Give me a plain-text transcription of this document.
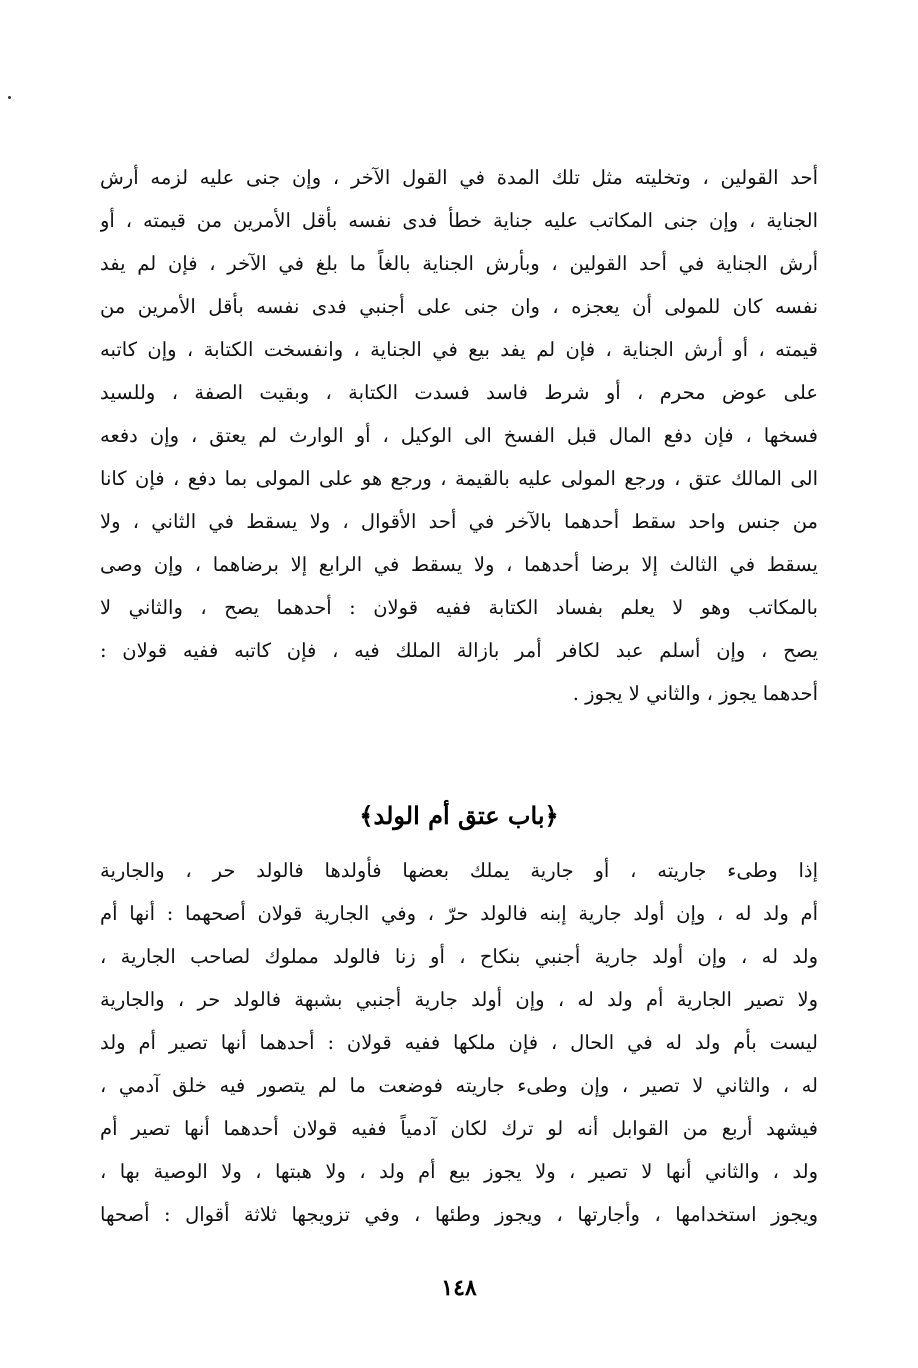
أحد القولين ، وتخليته مثل تلك المدة في القول الآخر ، وإن جنى عليه لزمه أرش
الجناية ، وإن جنى المكاتب عليه جناية خطأ فدى نفسه بأقل الأمرين من قيمته ، أو
أرش الجناية في أحد القولين ، وبأرش الجناية بالغاً ما بلغ في الآخر ، فإن لم يفد
نفسه كان للمولى أن يعجزه ، وان جنى على أجنبي فدى نفسه بأقل الأمرين من
قيمته ، أو أرش الجناية ، فإن لم يفد بيع في الجناية ، وانفسخت الكتابة ، وإن كاتبه
على عوض محرم ، أو شرط فاسد فسدت الكتابة ، وبقيت الصفة ، وللسيد
فسخها ، فإن دفع المال قبل الفسخ الى الوكيل ، أو الوارث لم يعتق ، وإن دفعه
الى المالك عتق ، ورجع المولى عليه بالقيمة ، ورجع هو على المولى بما دفع ، فإن كانا
من جنس واحد سقط أحدهما بالآخر في أحد الأقوال ، ولا يسقط في الثاني ، ولا
يسقط في الثالث إلا برضا أحدهما ، ولا يسقط في الرابع إلا برضاهما ، وإن وصى
بالمكاتب وهو لا يعلم بفساد الكتابة ففيه قولان : أحدهما يصح ، والثاني لا
يصح ، وإن أسلم عبد لكافر أمر بازالة الملك فيه ، فإن كاتبه ففيه قولان :
أحدهما يجوز ، والثاني لا يجوز .
﴿باب عتق أم الولد﴾
إذا وطىء جاريته ، أو جارية يملك بعضها فأولدها فالولد حر ، والجارية
أم ولد له ، وإن أولد جارية إبنه فالولد حرّ ، وفي الجارية قولان أصحهما : أنها أم
ولد له ، وإن أولد جارية أجنبي بنكاح ، أو زنا فالولد مملوك لصاحب الجارية ،
ولا تصير الجارية أم ولد له ، وإن أولد جارية أجنبي بشبهة فالولد حر ، والجارية
ليست بأم ولد له في الحال ، فإن ملكها ففيه قولان : أحدهما أنها تصير أم ولد
له ، والثاني لا تصير ، وإن وطىء جاريته فوضعت ما لم يتصور فيه خلق آدمي ،
فيشهد أربع من القوابل أنه لو ترك لكان آدمياً ففيه قولان أحدهما أنها تصير أم
ولد ، والثاني أنها لا تصير ، ولا يجوز بيع أم ولد ، ولا هبتها ، ولا الوصية بها ،
ويجوز استخدامها ، وأجارتها ، ويجوز وطئها ، وفي تزويجها ثلاثة أقوال : أصحها
١٤٨
